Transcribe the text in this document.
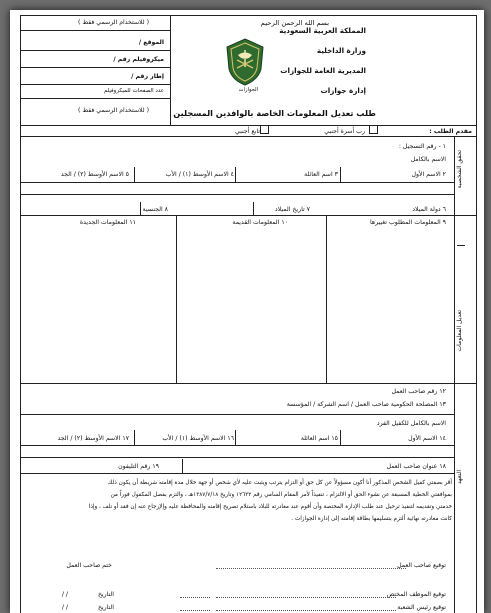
( للاستخدام الرسمي فقط )
الموقع /
ميكروفيلم رقم /
إطار رقم /
عدد الصفحات للميكروفيلم
( للاستخدام الرسمي فقط )
بسم الله الرحمن الرحيم
الجوازات
المملكة العربية السعودية
وزارة الداخلية
المديرية العامة للجوازات
إدارة جوازات
طلب تعديل المعلومات الخاصة بالوافدين المسجلين
مقدم الطلب :
رب أسرة أجنبي
تابع أجنبي
تحقق الشخصية
١ - رقم التسجيل :
الاسم بالكامل
٢ الاسم الأول
٣ اسم العائلة
٤ الاسم الأوسط (١) / الأب
٥ الاسم الأوسط (٢) / الجد
٦ دولة الميلاد
٧ تاريخ الميلاد
٨ الجنسية
تعديل المعلومات
٩ المعلومات المطلوب تغييرها
١٠ المعلومات القديمة
١١ المعلومات الجديدة
التعهد
١٢ رقم صاحب العمل
١٣ المصلحة الحكومية صاحب العمل / اسم الشركة / المؤسسة
الاسم بالكامل للكفيل الفرد
١٤ الاسم الأول
١٥ اسم العائلة
١٦ الاسم الأوسط (١) / الأب
١٧ الاسم الأوسط (٢) / الجد
١٨ عنوان صاحب العمل
١٩ رقم التليفون
أقر بصفتي كفيل الشخص المذكور أنا أكون مسؤولاً عن كل حق أو التزام يترتب ويثبت عليه لأي شخص أو جهة خلال مدة إقامته شريطة أن يكون ذلك
بموافقتي الخطية المسبقة عن نشوء الحق أو الالتزام ، تنفيذاً لأمر المقام السامي رقم ١٢٦٣٢ وتاريخ ١٣٨٧/٧/١٨هـ ، والتزم بفصل المكفول فوراً من
خدمتي وتقديمه لتنفيذ ترحيل عند طلب الإدارة المختصة وأن أقوم عند مغادرته للبلاد باستلام تصريح إقامته والمحافظة عليه وإلإرجاع عنه إن فقد أو تلف ، وإذا
كانت مغادرته نهائية ألتزم بتسليمها بطاقة إقامته إلى إدارة الجوازات .
توقيع صاحب العمل
ختم صاحب العمل
توقيع الموظف المختص
التاريخ
/ /
توقيع رئيس الشعبة
التاريخ
/ /
